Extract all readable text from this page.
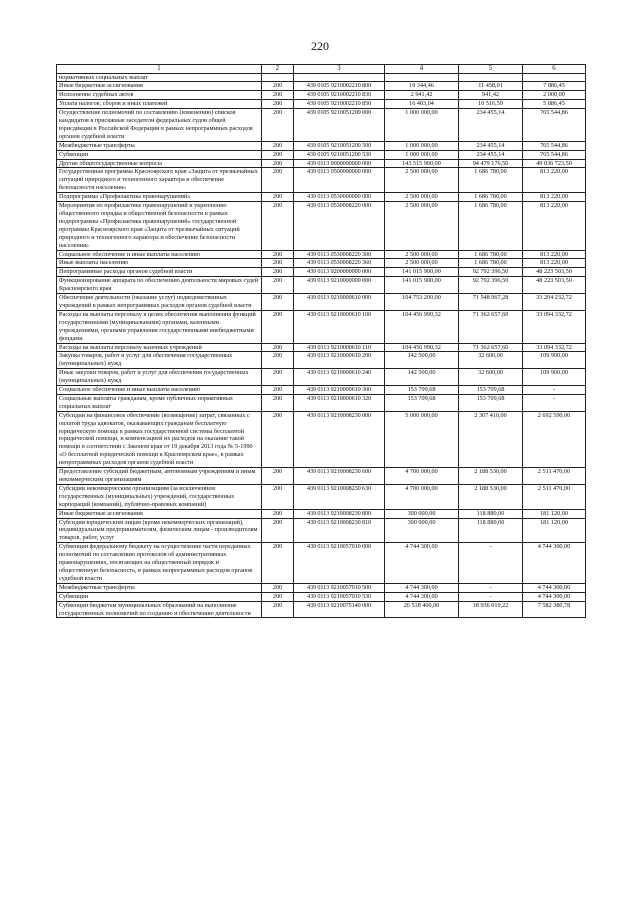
220
1	2	3	4	5	6
нормативных социальных выплат					
Иные бюджетные ассигнования	200	439 0105 9210002210 800	19 344,46	11 458,01	7 886,45
Исполнение судебных актов	200	439 0105 9210002210 830	2 941,42	941,42	2 000,00
Уплата налогов, сборов и иных платежей	200	439 0105 9210002210 850	16 403,04	10 516,59	5 886,45
Осуществление полномочий по составлению (изменению) списков кандидатов в присяжные заседатели федеральных судов общей юрисдикции в Российской Федерации в рамках непрограммных расходов органов судебной власти	200	439 0105 9210051200 000	1 000 000,00	234 455,14	765 544,86
Межбюджетные трансферты	200	439 0105 9210051200 500	1 000 000,00	234 455,14	765 544,86
Субвенции	200	439 0105 9210051200 530	1 000 000,00	234 455,14	765 544,86
Другие общегосударственные вопросы	200	439 0113 0000000000 000	143 515 900,00	94 479 176,50	49 036 723,50
Государственная программа Красноярского края «Защита от чрезвычайных ситуаций природного и техногенного характера и обеспечение безопасности населения»	200	439 0113 0500000000 000	2 500 000,00	1 686 780,00	813 220,00
Подпрограмма «Профилактика правонарушений»	200	439 0113 0530000000 000	2 500 000,00	1 686 780,00	813 220,00
Мероприятия по профилактике правонарушений и укреплению общественного порядка и общественной безопасности в рамках подпрограммы «Профилактика правонарушений» государственной программы Красноярского края «Защита от чрезвычайных ситуаций природного и техногенного характера и обеспечение безопасности населения»	200	439 0113 0530008220 000	2 500 000,00	1 686 780,00	813 220,00
Социальное обеспечение и иные выплаты населению	200	439 0113 0530008220 300	2 500 000,00	1 686 780,00	813 220,00
Иные выплаты населению	200	439 0113 0530008220 360	2 500 000,00	1 686 780,00	813 220,00
Непрограммные расходы органов судебной власти	200	439 0113 9200000000 000	141 015 900,00	92 792 396,50	48 223 503,50
Функционирование аппарата по обеспечению деятельности мировых судей Красноярского края	200	439 0113 9210000000 000	141 015 900,00	92 792 396,50	48 223 503,50
Обеспечение деятельности (оказание услуг) подведомственных учреждений в рамках непрограммных расходов органов судебной власти	200	439 0113 9210000610 000	104 753 200,00	71 548 967,28	33 204 232,72
Расходы на выплаты персоналу в целях обеспечения выполнения функций государственными (муниципальными) органами, казенными учреждениями, органами управления государственными внебюджетными фондами	200	439 0113 9210000610 100	104 456 990,32	71 362 657,60	33 094 332,72
Расходы на выплаты персоналу казенных учреждений	200	439 0113 9210000610 110	104 456 990,32	71 362 657,60	33 094 332,72
Закупка товаров, работ и услуг для обеспечения государственных (муниципальных) нужд	200	439 0113 9210000610 200	142 500,00	32 600,00	109 900,00
Иные закупки товаров, работ и услуг для обеспечения государственных (муниципальных) нужд	200	439 0113 9210000610 240	142 500,00	32 600,00	109 900,00
Социальное обеспечение и иные выплаты населению	200	439 0113 9210000610 300	153 709,68	153 709,68	-
Социальные выплаты гражданам, кроме публичных нормативных социальных выплат	200	439 0113 9210000610 320	153 709,68	153 709,68	-
Субсидии на финансовое обеспечение (возмещение) затрат, связанных с оплатой труда адвокатов, оказывающих гражданам бесплатную юридическую помощь в рамках государственной системы бесплатной юридической помощи, и компенсацией их расходов на оказание такой помощи в соответствии с Законом края от 19 декабря 2013 года № 5-1990 «О бесплатной юридической помощи в Красноярском крае», в рамках непрограммных расходов органов судебной власти	200	439 0113 9210008230 000	5 000 000,00	2 307 410,00	2 692 590,00
Предоставление субсидий бюджетным, автономным учреждениям и иным некоммерческим организациям	200	439 0113 9210008230 600	4 700 000,00	2 188 530,00	2 511 470,00
Субсидии некоммерческим организациям (за исключением государственных (муниципальных) учреждений, государственных корпораций (компаний), публично-правовых компаний)	200	439 0113 9210008230 630	4 700 000,00	2 188 530,00	2 511 470,00
Иные бюджетные ассигнования	200	439 0113 9210008230 800	300 000,00	118 880,00	181 120,00
Субсидии юридическим лицам (кроме некоммерческих организаций), индивидуальным предпринимателям, физическим лицам - производителям товаров, работ, услуг	200	439 0113 9210008230 810	300 000,00	118 880,00	181 120,00
Субвенции федеральному бюджету на осуществление части переданных полномочий по составлению протоколов об административных правонарушениях, посягающих на общественный порядок и общественную безопасность, в рамках непрограммных расходов органов судебной власти	200	439 0113 9210057010 000	4 744 300,00	-	4 744 300,00
Межбюджетные трансферты	200	439 0113 9210057010 500	4 744 300,00	-	4 744 300,00
Субвенции	200	439 0113 9210057010 530	4 744 300,00	-	4 744 300,00
Субвенции бюджетам муниципальных образований на выполнение государственных полномочий по созданию и обеспечению деятельности	200	439 0113 9210075140 000	26 518 400,00	18 936 019,22	7 582 380,78
